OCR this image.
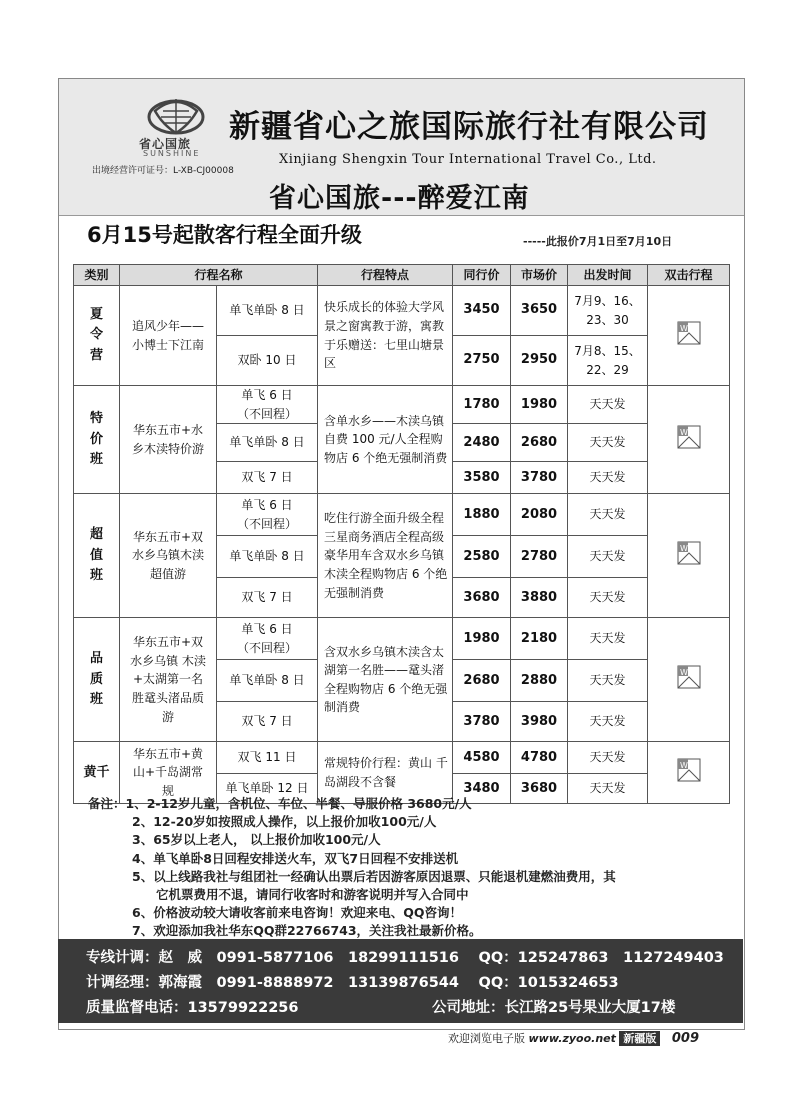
省心国旅
SUNSHINE
出境经营许可证号：L-XB-CJ00008
新疆省心之旅国际旅行社有限公司
Xinjiang Shengxin Tour International Travel Co., Ltd.
省心国旅---醉爱江南
6月15号起散客行程全面升级	-----此报价7月1日至7月10日
类别	行程名称		行程特点	同行价	市场价	出发时间	双击行程
夏令营	追风少年——小博士下江南	单飞单卧 8 日	快乐成长的体验大学风景之窗寓教于游，寓教于乐赠送：七里山塘景区	3450	3650	7月9、16、23、30	W

		双卧 10 日		2750	2950	7月8、15、22、29	
特价班	华东五市+水乡木渎特价游	单飞 6 日（不回程）	含单水乡——木渎乌镇自费 100 元/人全程购物店 6 个绝无强制消费	1780	1980	天天发	W

		单飞单卧 8 日		2480	2680	天天发	
		双飞 7 日		3580	3780	天天发	
超值班	华东五市+双水乡乌镇木渎超值游	单飞 6 日（不回程）	吃住行游全面升级全程三星商务酒店全程高级豪华用车含双水乡乌镇木渎全程购物店 6 个绝无强制消费	1880	2080	天天发	W

		单飞单卧 8 日		2580	2780	天天发	
		双飞 7 日		3680	3880	天天发	
品质班	华东五市+双水乡乌镇 木渎+太湖第一名胜鼋头渚品质游	单飞 6 日（不回程）	含双水乡乌镇木渎含太湖第一名胜——鼋头渚全程购物店 6 个绝无强制消费	1980	2180	天天发	W

		单飞单卧 8 日		2680	2880	天天发	
		双飞 7 日		3780	3980	天天发	
黄千	华东五市+黄山+千岛湖常规	双飞 11 日	常规特价行程：黄山 千岛湖段不含餐	4580	4780	天天发	W

		单飞单卧 12 日		3480	3680	天天发	
备注：1、2-12岁儿童，含机位、车位、半餐、导服价格 3680元/人
2、12-20岁如按照成人操作，以上报价加收100元/人
3、65岁以上老人， 以上报价加收100元/人
4、单飞单卧8日回程安排送火车，双飞7日回程不安排送机
5、以上线路我社与组团社一经确认出票后若因游客原因退票、只能退机建燃油费用，其
它机票费用不退，请同行收客时和游客说明并写入合同中
6、价格波动较大请收客前来电咨询！欢迎来电、QQ咨询！
7、欢迎添加我社华东QQ群22766743，关注我社最新价格。
专线计调：赵　威　0991-5877106　18299111516　 QQ：125247863　1127249403
计调经理：郭海霞　0991-8888972　13139876544　 QQ：1015324653
质量监督电话：13579922256	公司地址：长江路25号果业大厦17楼
欢迎浏览电子版 www.zyoo.net 新疆版 009
